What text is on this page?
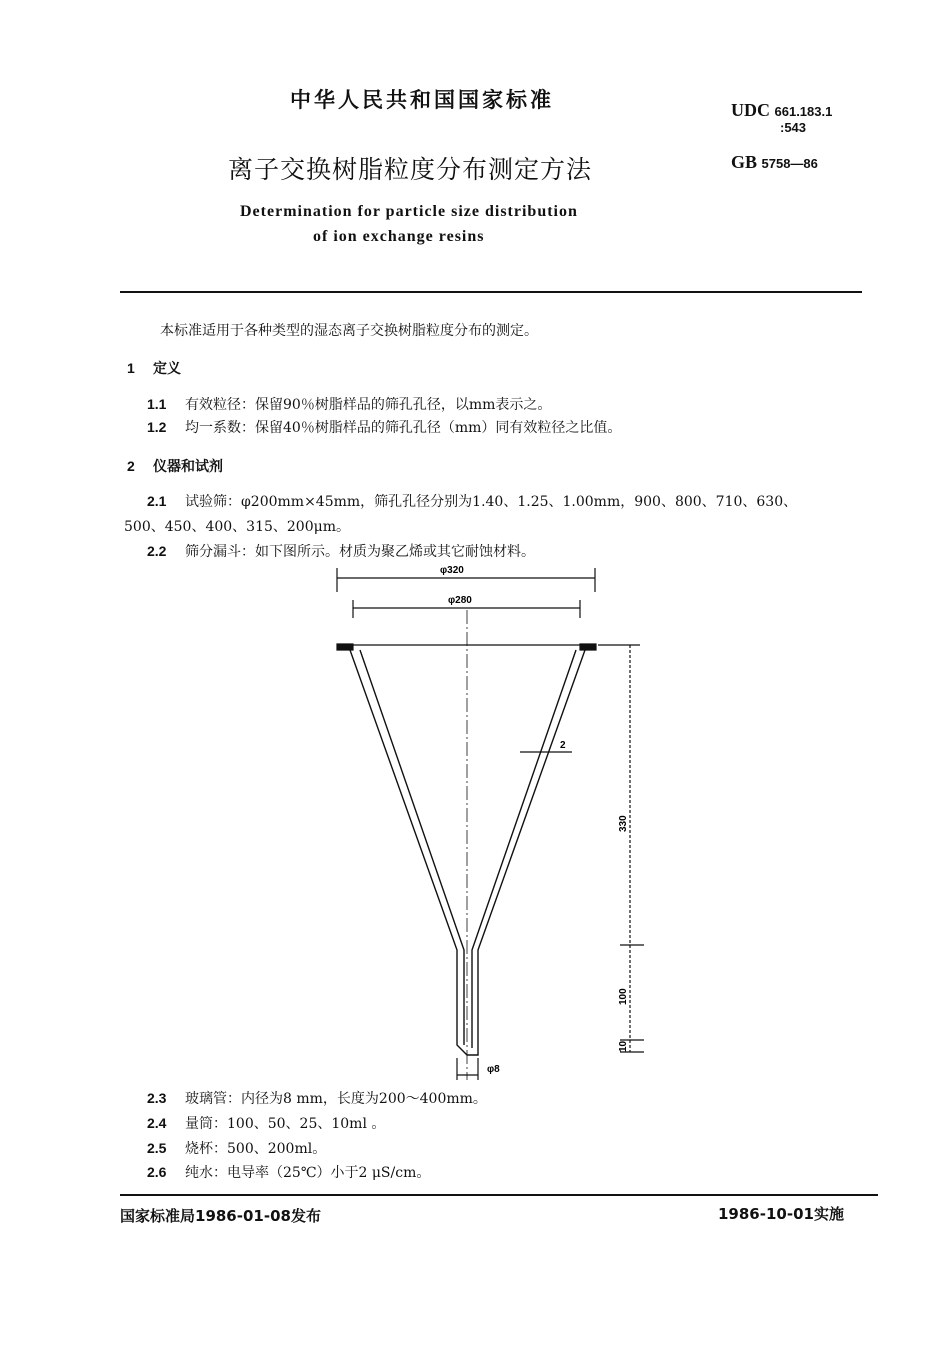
中华人民共和国国家标准
离子交换树脂粒度分布测定方法
Determination for particle size distribution
of ion exchange resins
UDC 661.183.1
:543
GB 5758—86
本标准适用于各种类型的湿态离子交换树脂粒度分布的测定。
1 定义
1.1 有效粒径：保留90％树脂样品的筛孔孔径，以mm表示之。
1.2 均一系数：保留40％树脂样品的筛孔孔径（mm）同有效粒径之比值。
2 仪器和试剂
2.1 试验筛：φ200mm×45mm，筛孔孔径分别为1.40、1.25、1.00mm，900、800、710、630、
500、450、400、315、200μm。
2.2 筛分漏斗：如下图所示。材质为聚乙烯或其它耐蚀材料。
φ320
φ280
2
330
100
10
φ8
2.3 玻璃管：内径为8 mm，长度为200～400mm。
2.4 量筒：100、50、25、10ml 。
2.5 烧杯：500、200ml。
2.6 纯水：电导率（25℃）小于2 μS/cm。
国家标准局1986-01-08发布	1986-10-01实施
